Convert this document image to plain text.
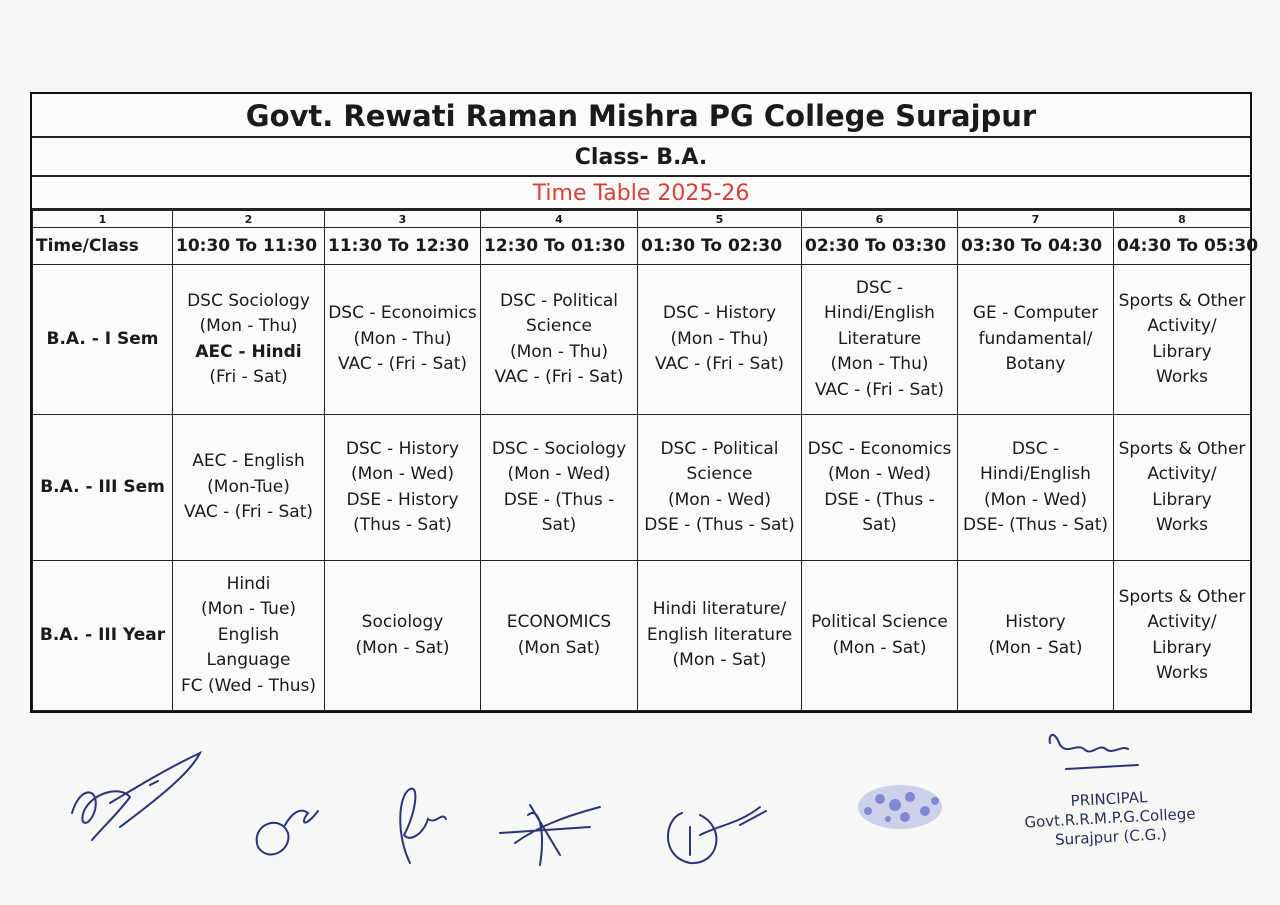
Govt. Rewati Raman Mishra PG College Surajpur
Class- B.A.
Time Table 2025-26
1	2	3	4	5	6	7	8
Time/Class	10:30 To 11:30	11:30 To 12:30	12:30 To 01:30	01:30 To 02:30	02:30 To 03:30	03:30 To 04:30	04:30 To 05:30
B.A. - I Sem	DSC Sociology
(Mon - Thu)
AEC - Hindi
(Fri - Sat)	DSC - Econoimics
(Mon - Thu)
VAC - (Fri - Sat)	DSC - Political
Science
(Mon - Thu)
VAC - (Fri - Sat)	DSC - History
(Mon - Thu)
VAC - (Fri - Sat)	DSC -
Hindi/English
Literature
(Mon - Thu)
VAC - (Fri - Sat)	GE - Computer
fundamental/
Botany	Sports & Other
Activity/ Library
Works

B.A. - III Sem	AEC - English
(Mon-Tue)
VAC - (Fri - Sat)	DSC - History
(Mon - Wed)
DSE - History
(Thus - Sat)	DSC - Sociology
(Mon - Wed)
DSE - (Thus - Sat)	DSC - Political
Science
(Mon - Wed)
DSE - (Thus - Sat)	DSC - Economics
(Mon - Wed)
DSE - (Thus - Sat)	DSC -
Hindi/English
(Mon - Wed)
DSE- (Thus - Sat)	Sports & Other
Activity/ Library
Works

B.A. - III Year	Hindi
(Mon - Tue)
English Language
FC (Wed - Thus)	Sociology
(Mon - Sat)	ECONOMICS
(Mon Sat)	Hindi literature/
English literature
(Mon - Sat)	Political Science
(Mon - Sat)	History
(Mon - Sat)	Sports & Other
Activity/ Library
Works
PRINCIPAL
Govt.R.R.M.P.G.College
Surajpur (C.G.)
